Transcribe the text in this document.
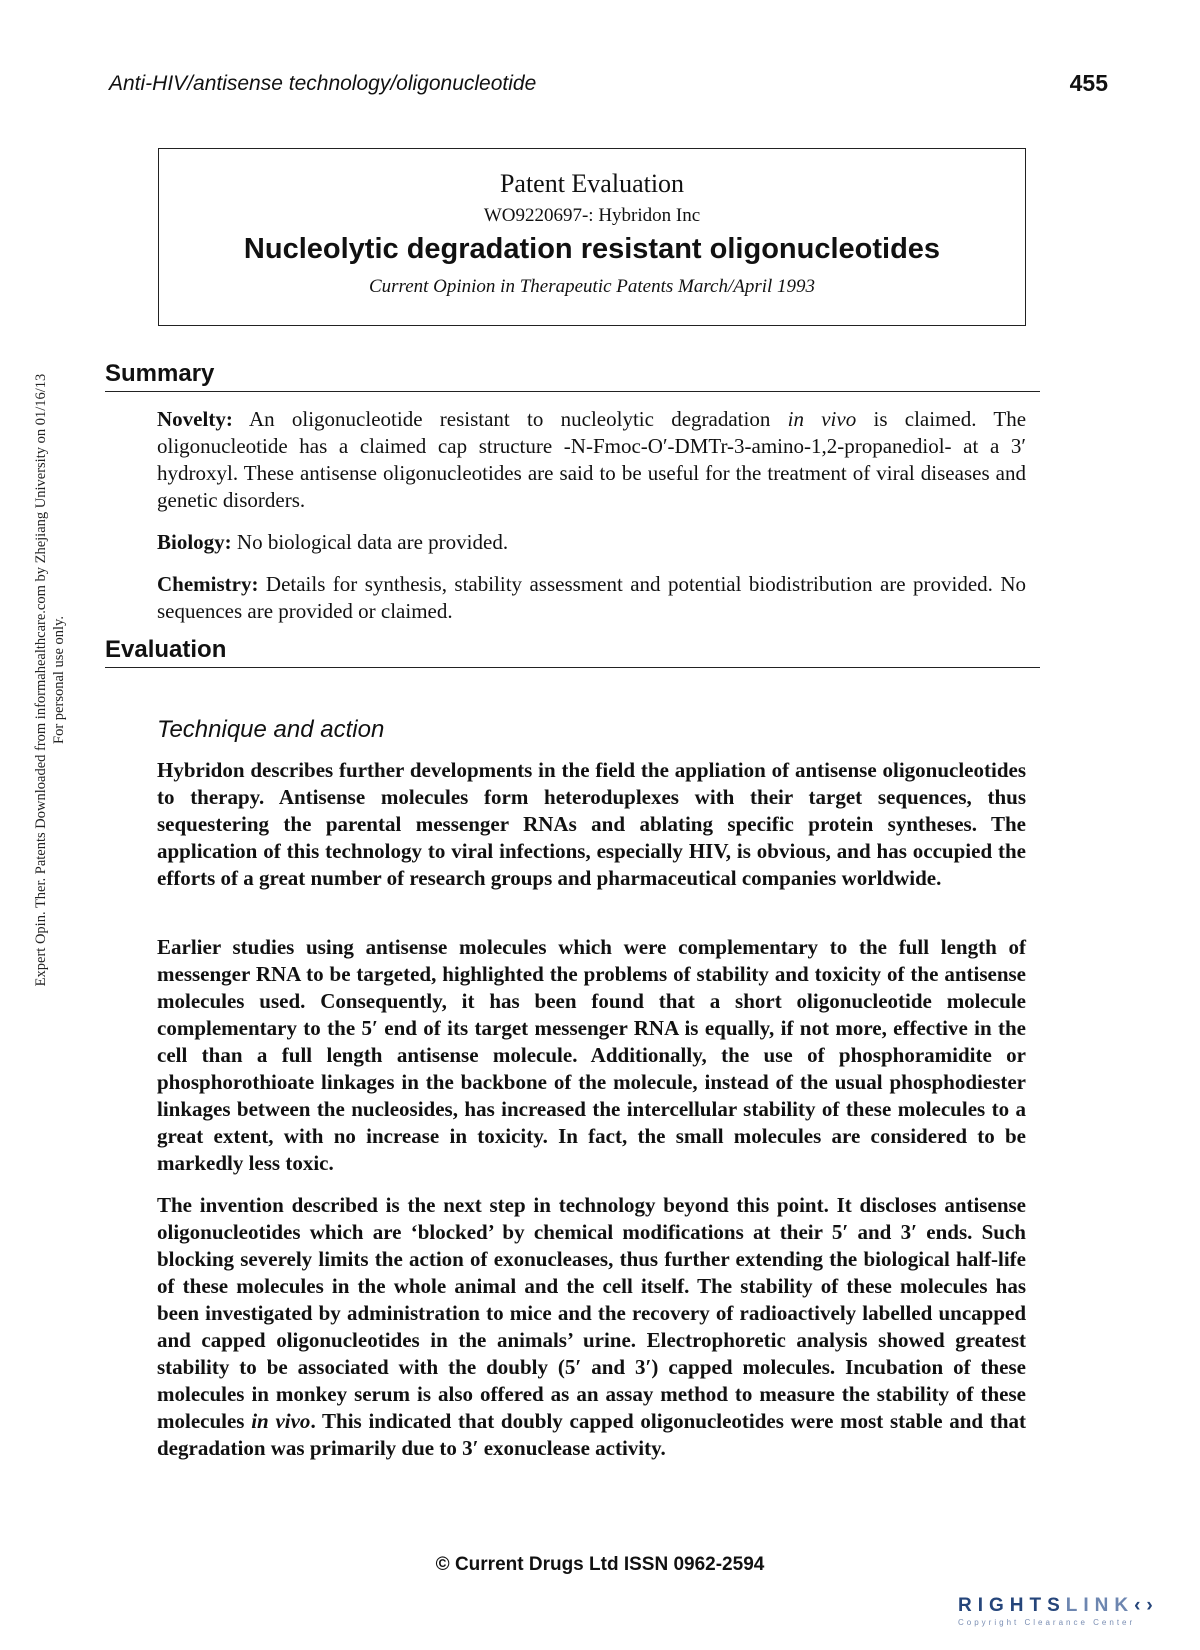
Anti-HIV/antisense technology/oligonucleotide	455
Expert Opin. Ther. Patents Downloaded from informahealthcare.com by Zhejiang University on 01/16/13 For personal use only.
Patent Evaluation
WO9220697-: Hybridon Inc
Nucleolytic degradation resistant oligonucleotides
Current Opinion in Therapeutic Patents March/April 1993
Summary

Novelty: An oligonucleotide resistant to nucleolytic degradation in vivo is claimed. The oligonucleotide has a claimed cap structure -N-Fmoc-O′-DMTr-3-amino-1,2-propanediol- at a 3′ hydroxyl. These antisense oligonucleotides are said to be useful for the treatment of viral diseases and genetic disorders.

Biology: No biological data are provided.

Chemistry: Details for synthesis, stability assessment and potential biodistribution are provided. No sequences are provided or claimed.

Evaluation
Technique and action

Hybridon describes further developments in the field the appliation of antisense oligonucleotides to therapy. Antisense molecules form heteroduplexes with their target sequences, thus sequestering the parental messenger RNAs and ablating specific protein syntheses. The application of this technology to viral infections, especially HIV, is obvious, and has occupied the efforts of a great number of research groups and pharmaceutical companies worldwide.

Earlier studies using antisense molecules which were complementary to the full length of messenger RNA to be targeted, highlighted the problems of stability and toxicity of the antisense molecules used. Consequently, it has been found that a short oligonucleotide molecule complementary to the 5′ end of its target messenger RNA is equally, if not more, effective in the cell than a full length antisense molecule. Additionally, the use of phosphoramidite or phosphorothioate linkages in the backbone of the molecule, instead of the usual phosphodiester linkages between the nucleosides, has increased the intercellular stability of these molecules to a great extent, with no increase in toxicity. In fact, the small molecules are considered to be markedly less toxic.

The invention described is the next step in technology beyond this point. It discloses antisense oligonucleotides which are ‘blocked’ by chemical modifications at their 5′ and 3′ ends. Such blocking severely limits the action of exonucleases, thus further extending the biological half-life of these molecules in the whole animal and the cell itself. The stability of these molecules has been investigated by administration to mice and the recovery of radioactively labelled uncapped and capped oligonucleotides in the animals’ urine. Electrophoretic analysis showed greatest stability to be associated with the doubly (5′ and 3′) capped molecules. Incubation of these molecules in monkey serum is also offered as an assay method to measure the stability of these molecules in vivo. This indicated that doubly capped oligonucleotides were most stable and that degradation was primarily due to 3′ exonuclease activity.

© Current Drugs Ltd ISSN 0962-2594
RIGHTSLINK‹›
Copyright Clearance Center
